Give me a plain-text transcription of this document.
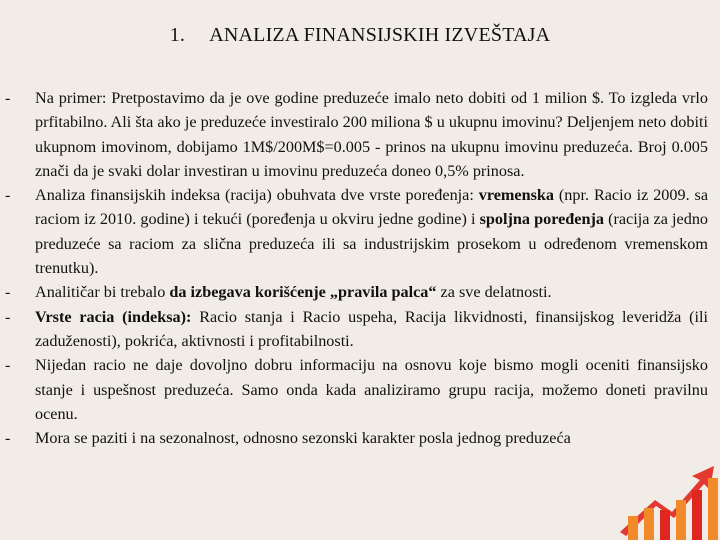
1. ANALIZA FINANSIJSKIH IZVEŠTAJA
- Na primer: Pretpostavimo da je ove godine preduzeće imalo neto dobiti od 1 milion $. To izgleda vrlo prfitabilno. Ali šta ako je preduzeće investiralo 200 miliona $ u ukupnu imovinu? Deljenjem neto dobiti ukupnom imovinom, dobijamo 1M$/200M$=0.005 - prinos na ukupnu imovinu preduzeća. Broj 0.005 znači da je svaki dolar investiran u imovinu preduzeća doneo 0,5% prinosa.
- Analiza finansijskih indeksa (racija) obuhvata dve vrste poređenja: vremenska (npr. Racio iz 2009. sa raciom iz 2010. godine) i tekući (poređenja u okviru jedne godine) i spoljna poređenja (racija za jedno preduzeće sa raciom za slična preduzeća ili sa industrijskim prosekom u određenom vremenskom trenutku).
- Analitičar bi trebalo da izbegava korišćenje „pravila palca“ za sve delatnosti.
- Vrste racia (indeksa): Racio stanja i Racio uspeha, Racija likvidnosti, finansijskog leveridža (ili zaduženosti), pokrića, aktivnosti i profitabilnosti.
- Nijedan racio ne daje dovoljno dobru informaciju na osnovu koje bismo mogli oceniti finansijsko stanje i uspešnost preduzeća. Samo onda kada analiziramo grupu racija, možemo doneti pravilnu ocenu.
- Mora se paziti i na sezonalnost, odnosno sezonski karakter posla jednog preduzeća
